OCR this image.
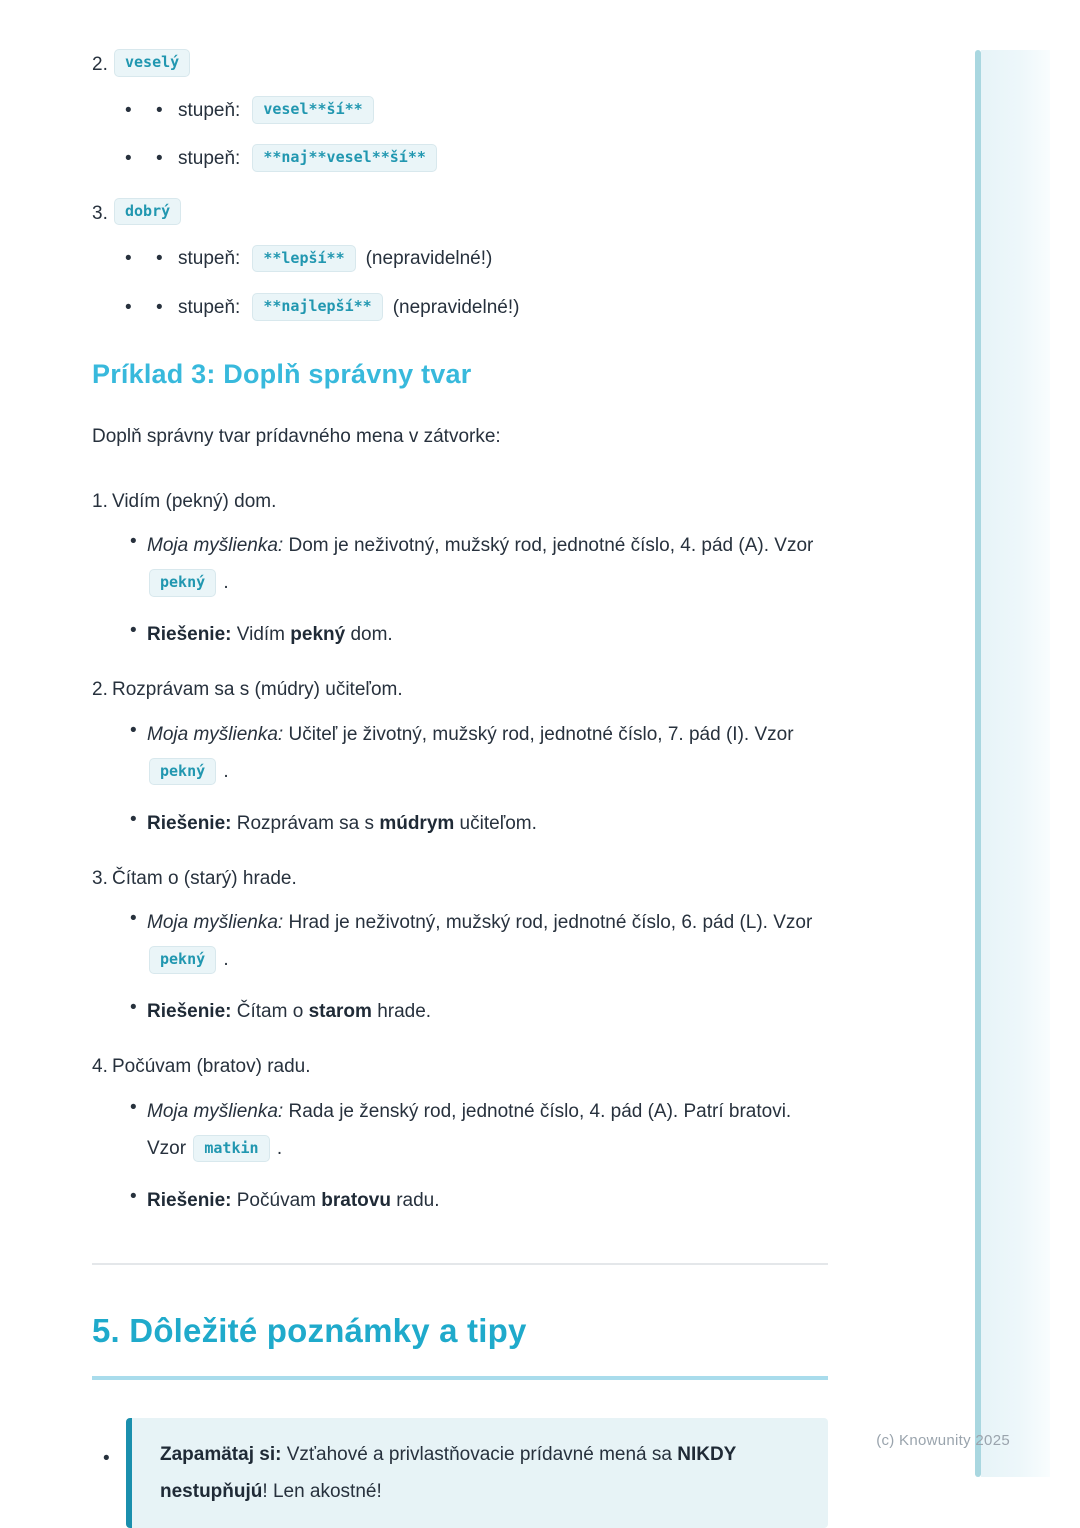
2.	veselý
•	• stupeň:	vesel**ší**
•	• stupeň:	**naj**vesel**ší**
3.	dobrý
•	• stupeň:	**lepší**	(nepravidelné!)
•	• stupeň:	**najlepší**	(nepravidelné!)
Príklad 3: Doplň správny tvar

Doplň správny tvar prídavného mena v zátvorke:

1. Vidím (pekný) dom.
• Moja myšlienka: Dom je neživotný, mužský rod, jednotné číslo, 4. pád (A). Vzor pekný .
• Riešenie: Vidím pekný dom.
2. Rozprávam sa s (múdry) učiteľom.
• Moja myšlienka: Učiteľ je životný, mužský rod, jednotné číslo, 7. pád (I). Vzor pekný .
• Riešenie: Rozprávam sa s múdrym učiteľom.
3. Čítam o (starý) hrade.
• Moja myšlienka: Hrad je neživotný, mužský rod, jednotné číslo, 6. pád (L). Vzor pekný .
• Riešenie: Čítam o starom hrade.
4. Počúvam (bratov) radu.
• Moja myšlienka: Rada je ženský rod, jednotné číslo, 4. pád (A). Patrí bratovi. Vzor matkin .
• Riešenie: Počúvam bratovu radu.
5. Dôležité poznámky a tipy
•	Zapamätaj si: Vzťahové a privlastňovacie prídavné mená sa NIKDY nestupňujú! Len akostné!
(c) Knowunity 2025
